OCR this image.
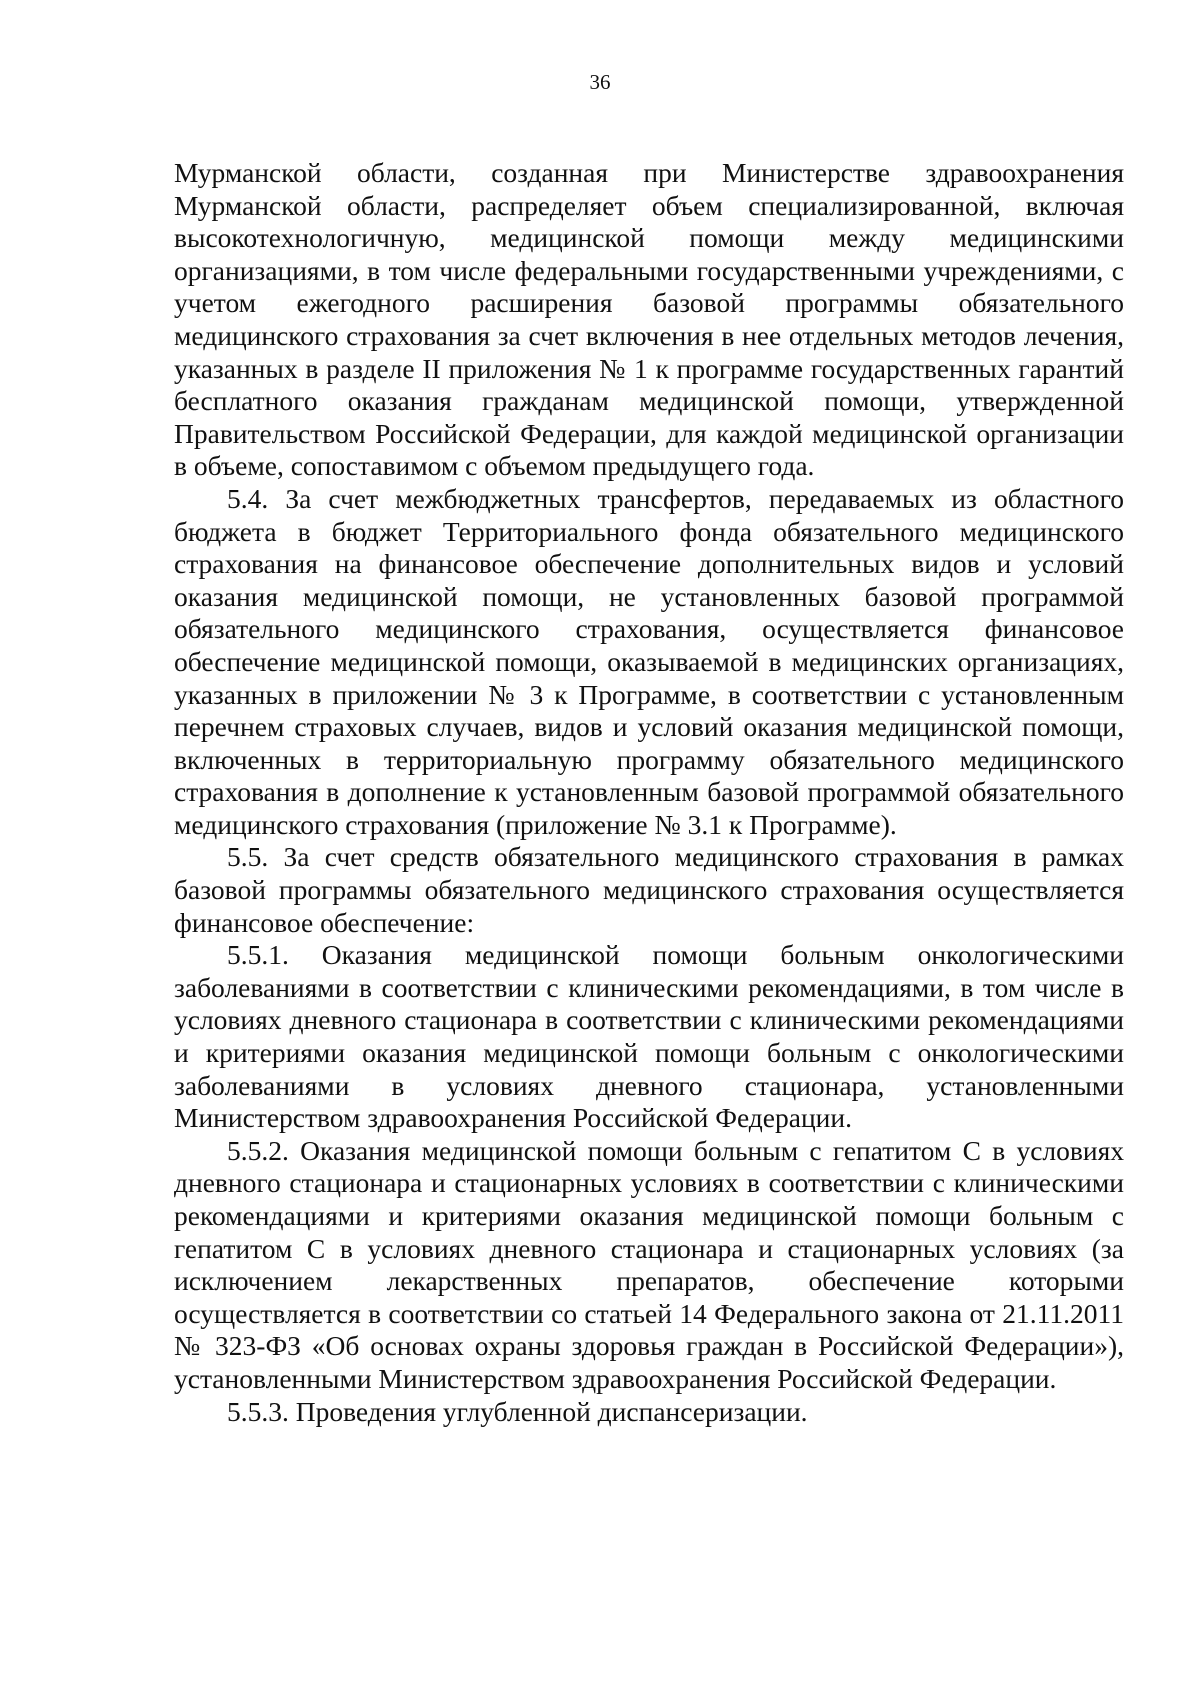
36

Мурманской области, созданная при Министерстве здравоохранения Мурманской области, распределяет объем специализированной, включая высокотехнологичную, медицинской помощи между медицинскими организациями, в том числе федеральными государственными учреждениями, с учетом ежегодного расширения базовой программы обязательного медицинского страхования за счет включения в нее отдельных методов лечения, указанных в разделе II приложения № 1 к программе государственных гарантий бесплатного оказания гражданам медицинской помощи, утвержденной Правительством Российской Федерации, для каждой медицинской организации в объеме, сопоставимом с объемом предыдущего года.

5.4. За счет межбюджетных трансфертов, передаваемых из областного бюджета в бюджет Территориального фонда обязательного медицинского страхования на финансовое обеспечение дополнительных видов и условий оказания медицинской помощи, не установленных базовой программой обязательного медицинского страхования, осуществляется финансовое обеспечение медицинской помощи, оказываемой в медицинских организациях, указанных в приложении № 3 к Программе, в соответствии с установленным перечнем страховых случаев, видов и условий оказания медицинской помощи, включенных в территориальную программу обязательного медицинского страхования в дополнение к установленным базовой программой обязательного медицинского страхования (приложение № 3.1 к Программе).

5.5. За счет средств обязательного медицинского страхования в рамках базовой программы обязательного медицинского страхования осуществляется финансовое обеспечение:

5.5.1. Оказания медицинской помощи больным онкологическими заболеваниями в соответствии с клиническими рекомендациями, в том числе в условиях дневного стационара в соответствии с клиническими рекомендациями и критериями оказания медицинской помощи больным с онкологическими заболеваниями в условиях дневного стационара, установленными Министерством здравоохранения Российской Федерации.

5.5.2. Оказания медицинской помощи больным с гепатитом С в условиях дневного стационара и стационарных условиях в соответствии с клиническими рекомендациями и критериями оказания медицинской помощи больным с гепатитом С в условиях дневного стационара и стационарных условиях (за исключением лекарственных препаратов, обеспечение которыми осуществляется в соответствии со статьей 14 Федерального закона от 21.11.2011 № 323-ФЗ «Об основах охраны здоровья граждан в Российской Федерации»), установленными Министерством здравоохранения Российской Федерации.

5.5.3. Проведения углубленной диспансеризации.
